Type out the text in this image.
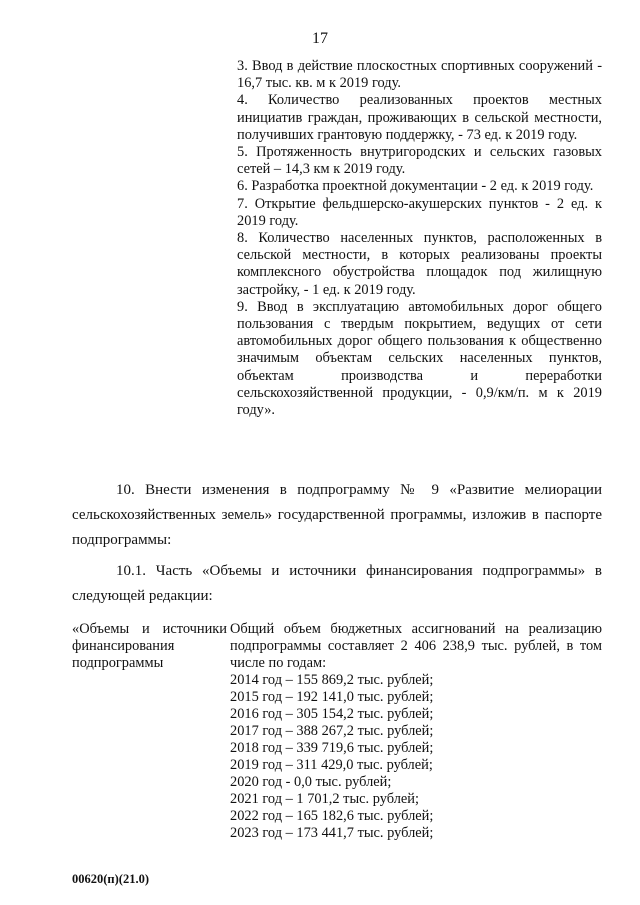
17
3. Ввод в действие плоскостных спортивных сооружений - 16,7 тыс. кв. м к 2019 году.
4. Количество реализованных проектов местных инициатив граждан, проживающих в сельской местности, получивших грантовую поддержку, - 73 ед. к 2019 году.
5. Протяженность внутригородских и сельских газовых сетей – 14,3 км к 2019 году.
6. Разработка проектной документации - 2 ед. к 2019 году.
7. Открытие фельдшерско-акушерских пунктов - 2 ед. к 2019 году.
8. Количество населенных пунктов, расположенных в сельской местности, в которых реализованы проекты комплексного обустройства площадок под жилищную застройку, - 1 ед. к 2019 году.
9. Ввод в эксплуатацию автомобильных дорог общего пользования с твердым покрытием, ведущих от сети автомобильных дорог общего пользования к общественно значимым объектам сельских населенных пунктов, объектам производства и переработки сельскохозяйственной продукции, - 0,9/км/п. м к 2019 году».
10. Внести изменения в подпрограмму № 9 «Развитие мелиорации сельскохозяйственных земель» государственной программы, изложив в паспорте подпрограммы:
10.1. Часть «Объемы и источники финансирования подпрограммы» в следующей редакции:
«Объемы и источники финансирования подпрограммы
Общий объем бюджетных ассигнований на реализацию подпрограммы составляет 2 406 238,9 тыс. рублей, в том числе по годам:
2014 год – 155 869,2 тыс. рублей;
2015 год – 192 141,0 тыс. рублей;
2016 год – 305 154,2 тыс. рублей;
2017 год – 388 267,2 тыс. рублей;
2018 год – 339 719,6 тыс. рублей;
2019 год – 311 429,0 тыс. рублей;
2020 год - 0,0 тыс. рублей;
2021 год – 1 701,2 тыс. рублей;
2022 год – 165 182,6 тыс. рублей;
2023 год – 173 441,7 тыс. рублей;
00620(п)(21.0)
